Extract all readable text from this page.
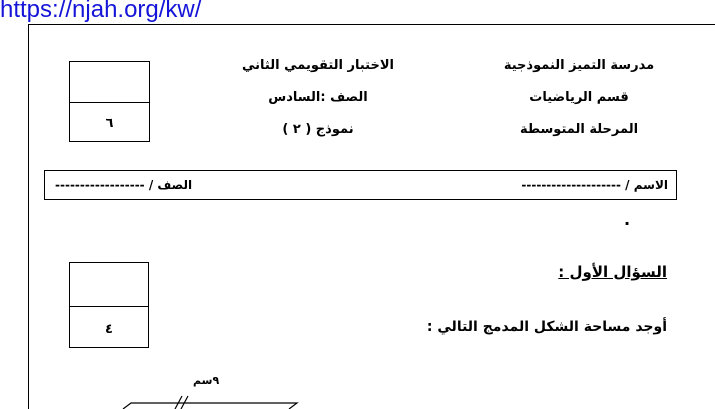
https://njah.org/kw/
مدرسة التميز النموذجية
قسم الرياضيات
المرحلة المتوسطة
الاختبار التقويمي الثاني
الصف :السادس
نموذج ( ٢ )
٦
الاسم / --------------------
الصف / ------------------
.
٤
السؤال الأول :
أوجد مساحة الشكل المدمج التالي :
٩سم
